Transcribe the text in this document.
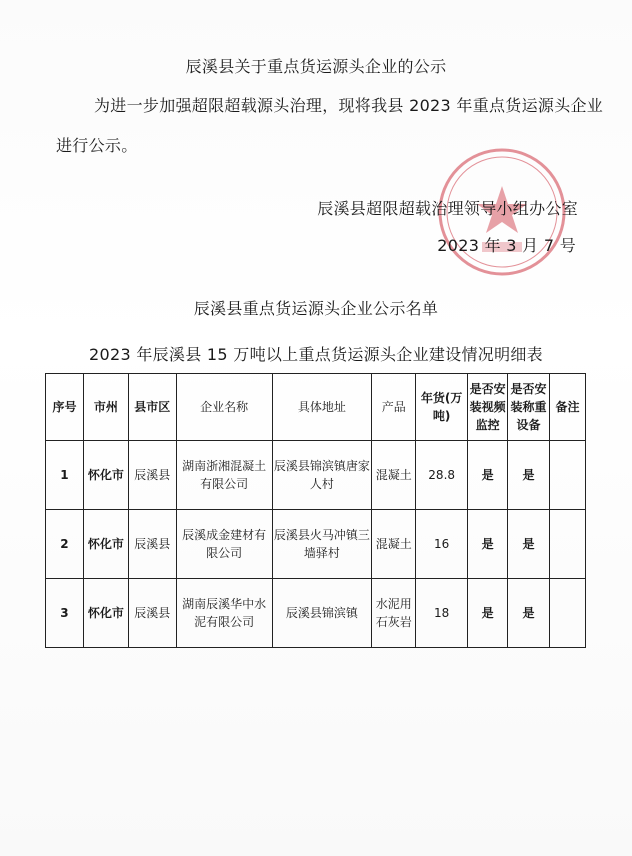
辰溪县关于重点货运源头企业的公示
为进一步加强超限超载源头治理，现将我县 2023 年重点货运源头企业
进行公示。
辰溪县超限超载治理领导小组办公室
2023 年 3 月 7 号
辰溪县重点货运源头企业公示名单
2023 年辰溪县 15 万吨以上重点货运源头企业建设情况明细表
序号	市州	县市区	企业名称	具体地址	产品	年货(万吨)	是否安装视频监控	是否安装称重设备	备注
1	怀化市	辰溪县	湖南浙湘混凝土有限公司	辰溪县锦滨镇唐家人村	混凝土	28.8	是	是	
2	怀化市	辰溪县	辰溪成金建材有限公司	辰溪县火马冲镇三墙驿村	混凝土	16	是	是	
3	怀化市	辰溪县	湖南辰溪华中水泥有限公司	辰溪县锦滨镇	水泥用石灰岩	18	是	是	
